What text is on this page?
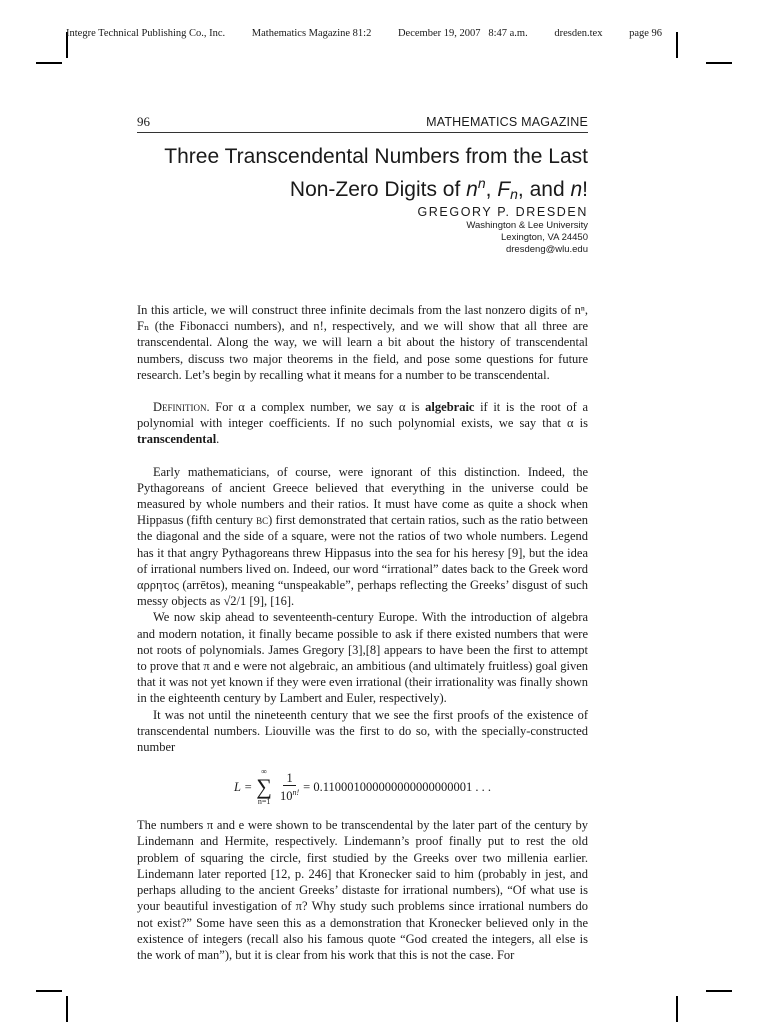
Integre Technical Publishing Co., Inc.	Mathematics Magazine 81:2	December 19, 2007   8:47 a.m.	dresden.tex	page 96
96	MATHEMATICS MAGAZINE
Three Transcendental Numbers from the Last
Non-Zero Digits of $n^n$, $F_n$, and n!
GREGORY P. DRESDEN
Washington & Lee University
Lexington, VA 24450
dresdeng@wlu.edu

In this article, we will construct three infinite decimals from the last nonzero digits of nⁿ, Fₙ (the Fibonacci numbers), and n!, respectively, and we will show that all three are transcendental. Along the way, we will learn a bit about the history of transcendental numbers, discuss two major theorems in the field, and pose some questions for future research. Let’s begin by recalling what it means for a number to be transcendental.

Definition. For α a complex number, we say α is algebraic if it is the root of a polynomial with integer coefficients. If no such polynomial exists, we say that α is transcendental.

Early mathematicians, of course, were ignorant of this distinction. Indeed, the Pythagoreans of ancient Greece believed that everything in the universe could be measured by whole numbers and their ratios. It must have come as quite a shock when Hippasus (fifth century bc) first demonstrated that certain ratios, such as the ratio between the diagonal and the side of a square, were not the ratios of two whole numbers. Legend has it that angry Pythagoreans threw Hippasus into the sea for his heresy [9], but the idea of irrational numbers lived on. Indeed, our word “irrational” dates back to the Greek word αρρητος (arrētos), meaning “unspeakable”, perhaps reflecting the Greeks’ disgust of such messy objects as √2/1 [9], [16].

We now skip ahead to seventeenth-century Europe. With the introduction of algebra and modern notation, it finally became possible to ask if there existed numbers that were not roots of polynomials. James Gregory [3],[8] appears to have been the first to attempt to prove that π and e were not algebraic, an ambitious (and ultimately fruitless) goal given that it was not yet known if they were even irrational (their irrationality was finally shown in the eighteenth century by Lambert and Euler, respectively).

It was not until the nineteenth century that we see the first proofs of the existence of transcendental numbers. Liouville was the first to do so, with the specially-constructed number

L =
∞
∑
$n=1 \frac{1}{10^{n!}} = 0.110001000000000000000001$ . . .

The numbers π and e were shown to be transcendental by the later part of the century by Lindemann and Hermite, respectively. Lindemann’s proof finally put to rest the old problem of squaring the circle, first studied by the Greeks over two millenia earlier. Lindemann later reported [12, p. 246] that Kronecker said to him (probably in jest, and perhaps alluding to the ancient Greeks’ distaste for irrational numbers), “Of what use is your beautiful investigation of π? Why study such problems since irrational numbers do not exist?” Some have seen this as a demonstration that Kronecker believed only in the existence of integers (recall also his famous quote “God created the integers, all else is the work of man”), but it is clear from his work that this is not the case. For
